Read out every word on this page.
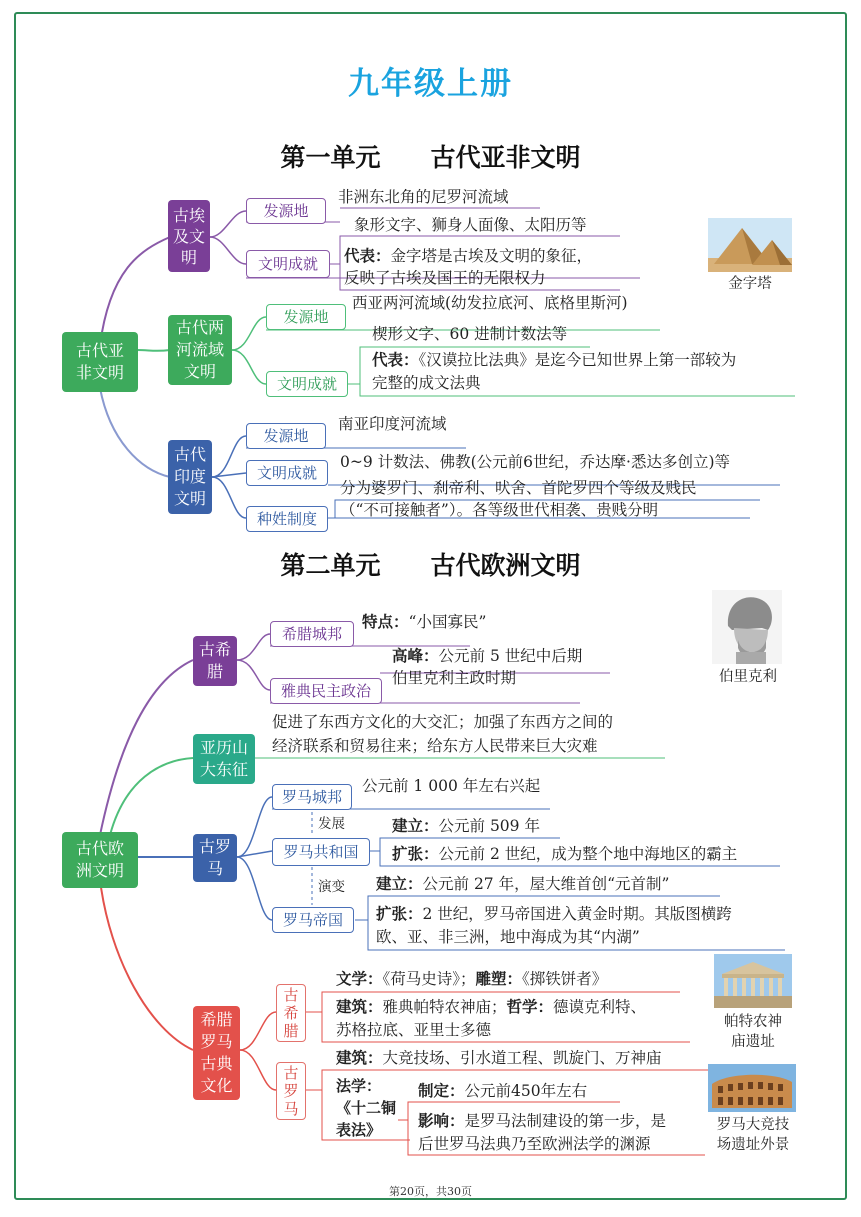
九年级上册
第一单元　　古代亚非文明
古代亚
非文明
古埃
及文
明
发源地
非洲东北角的尼罗河流域
文明成就
象形文字、狮身人面像、太阳历等
代表：金字塔是古埃及文明的象征，
反映了古埃及国王的无限权力	金字塔
古代两
河流域
文明
发源地
西亚两河流域(幼发拉底河、底格里斯河)
文明成就
楔形文字、60 进制计数法等
代表：《汉谟拉比法典》是迄今已知世界上第一部较为
完整的成文法典
古代
印度
文明
发源地
南亚印度河流域
文明成就
0~9 计数法、佛教(公元前6世纪，乔达摩·悉达多创立)等
种姓制度
分为婆罗门、刹帝利、吠舍、首陀罗四个等级及贱民
（“不可接触者”）。各等级世代相袭、贵贱分明
第二单元　　古代欧洲文明
古代欧
洲文明
古希
腊
希腊城邦
特点：“小国寡民”
雅典民主政治
高峰：公元前 5 世纪中后期
伯里克利主政时期	伯里克利
亚历山
大东征
促进了东西方文化的大交汇；加强了东西方之间的
经济联系和贸易往来；给东方人民带来巨大灾难
古罗
马
罗马城邦
公元前 1 000 年左右兴起
发展
罗马共和国
建立：公元前 509 年
扩张：公元前 2 世纪，成为整个地中海地区的霸主
演变
罗马帝国
建立：公元前 27 年，屋大维首创“元首制”
扩张：2 世纪，罗马帝国进入黄金时期。其版图横跨
欧、亚、非三洲，地中海成为其“内湖”
希腊
罗马
古典
文化
古
希
腊
文学：《荷马史诗》；雕塑：《掷铁饼者》
建筑：雅典帕特农神庙；哲学：德谟克利特、
苏格拉底、亚里士多德
古
罗
马
建筑：大竞技场、引水道工程、凯旋门、万神庙
法学：
《十二铜
表法》
制定：公元前450年左右
影响：是罗马法制建设的第一步，是
后世罗马法典乃至欧洲法学的渊源
帕特农神
庙遗址
罗马大竞技
场遗址外景
第20页，共30页
